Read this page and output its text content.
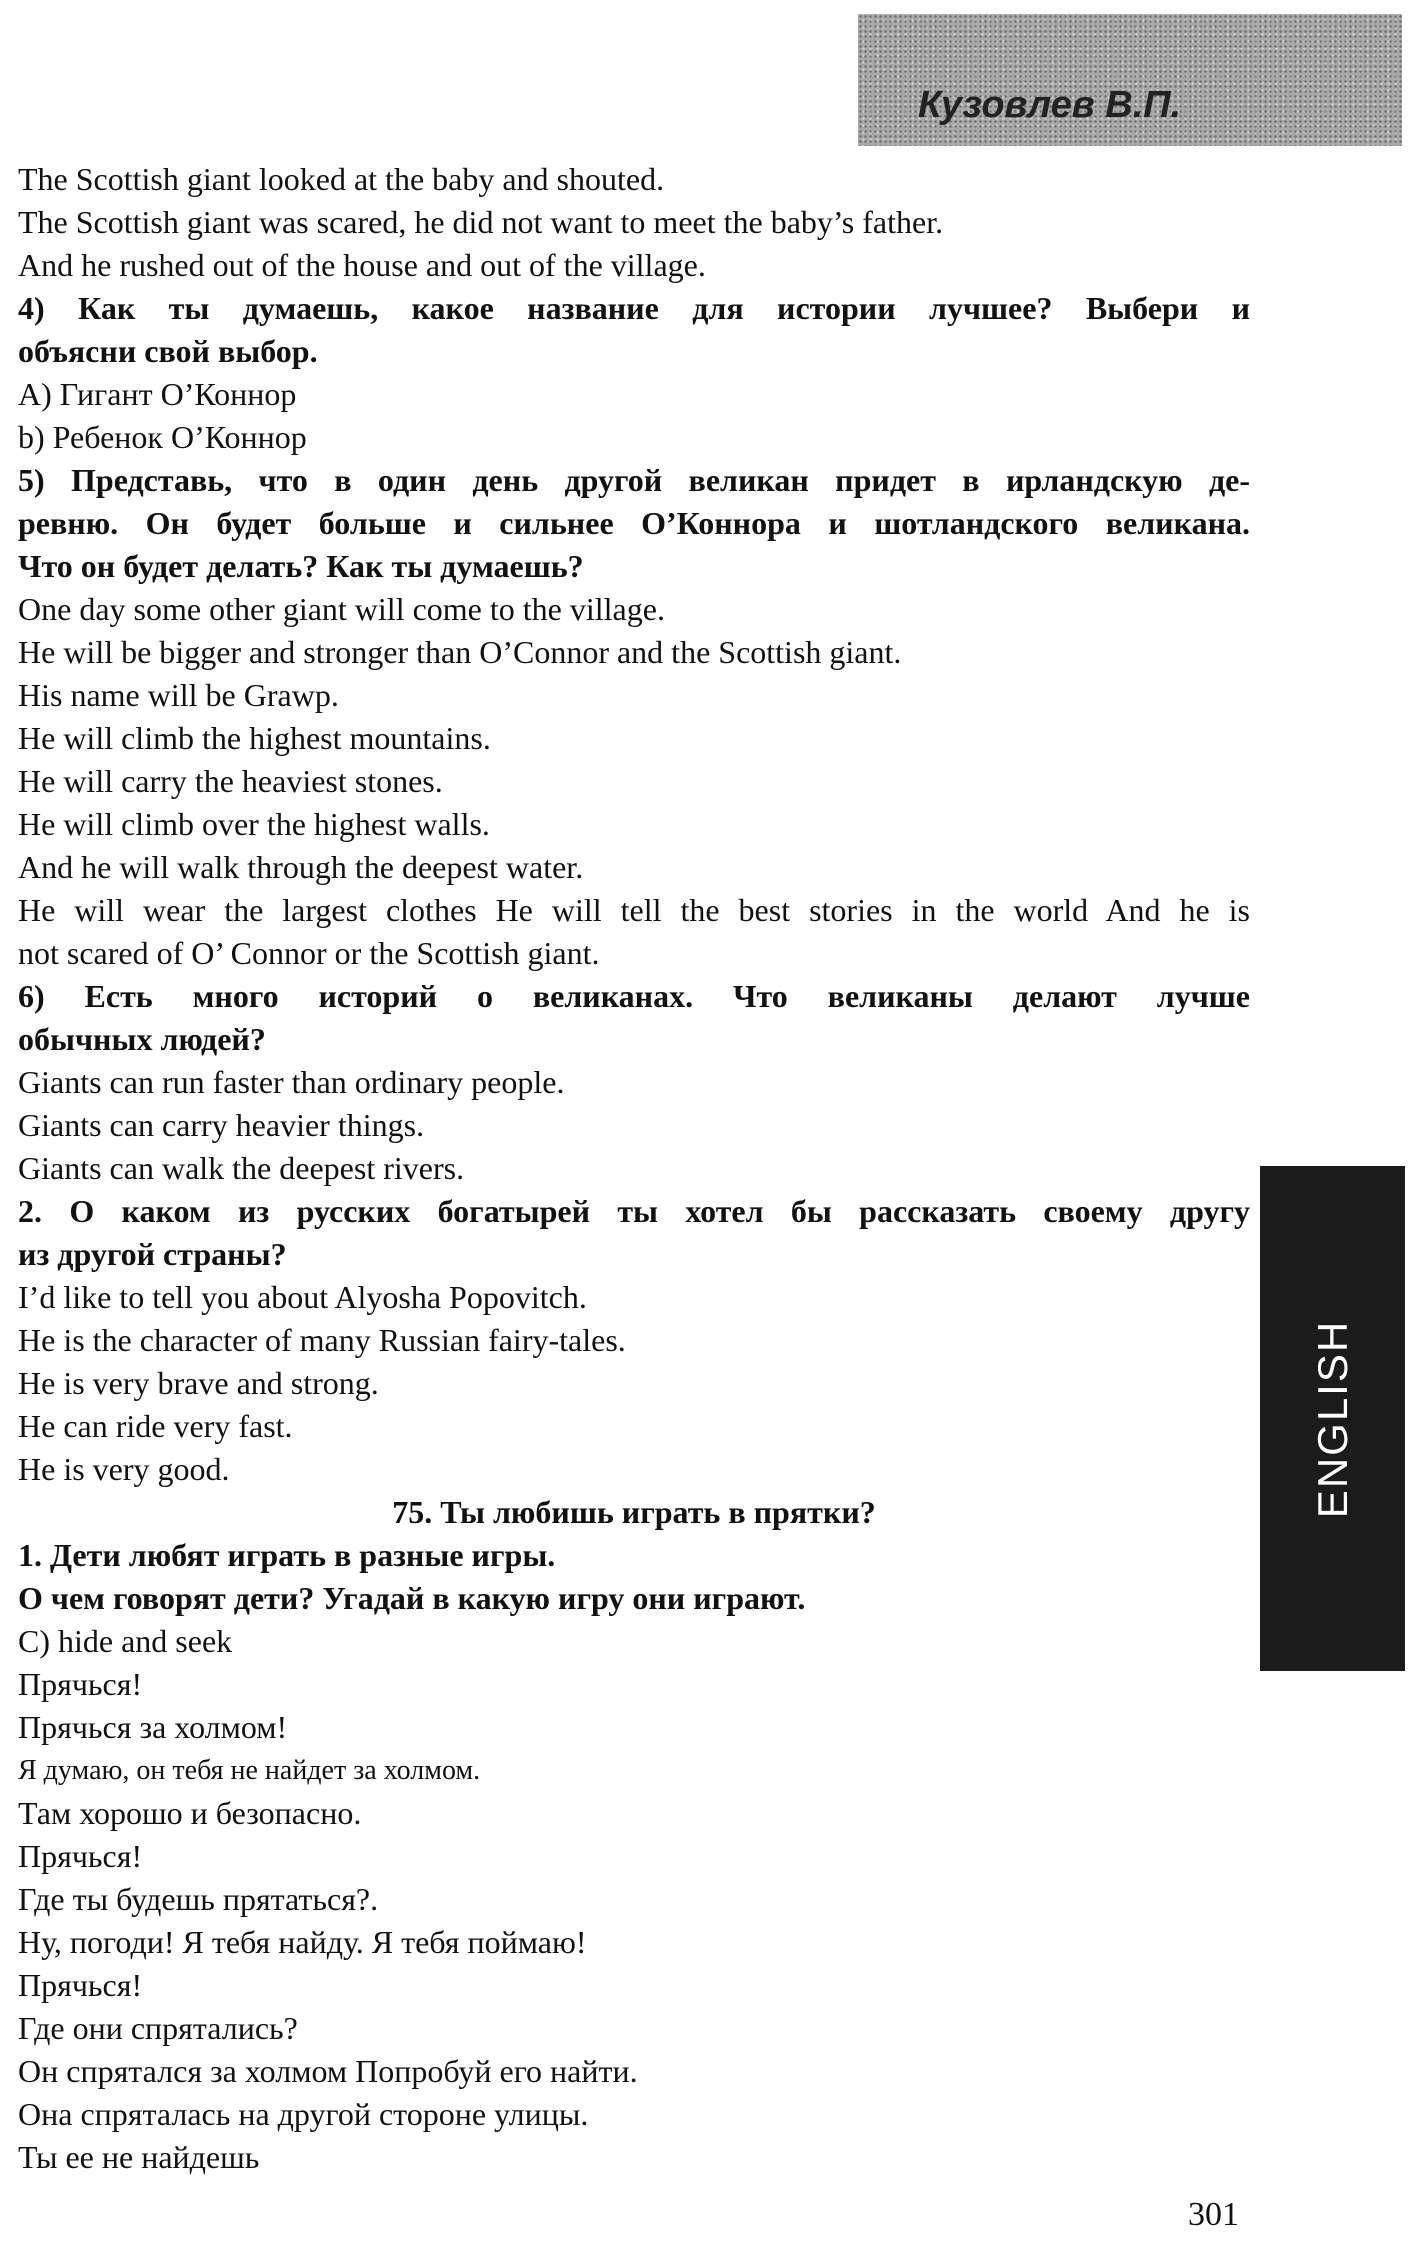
Кузовлев В.П.
The Scottish giant looked at the baby and shouted.
The Scottish giant was scared, he did not want to meet the baby’s father.
And he rushed out of the house and out of the village.
4) Как ты думаешь, какое название для истории лучшее? Выбери и
объясни свой выбор.
A) Гигант O’Коннор
b) Ребенок O’Коннор
5) Представь, что в один день другой великан придет в ирландскую де-
ревню. Он будет больше и сильнее O’Коннора и шотландского великана.
Что он будет делать? Как ты думаешь?
One day some other giant will come to the village.
He will be bigger and stronger than O’Connor and the Scottish giant.
His name will be Grawp.
He will climb the highest mountains.
He will carry the heaviest stones.
He will climb over the highest walls.
And he will walk through the deepest water.
He will wear the largest clothes He will tell the best stories in the world And he is
not scared of O’ Connor or the Scottish giant.
6) Есть много историй о великанах. Что великаны делают лучше
обычных людей?
Giants can run faster than ordinary people.
Giants can carry heavier things.
Giants can walk the deepest rivers.
2. О каком из русских богатырей ты хотел бы рассказать своему другу
из другой страны?
I’d like to tell you about Alyosha Popovitch.
He is the character of many Russian fairy-tales.
He is very brave and strong.
He can ride very fast.
He is very good.
75. Ты любишь играть в прятки?
1. Дети любят играть в разные игры.
О чем говорят дети? Угадай в какую игру они играют.
C) hide and seek
Прячься!
Прячься за холмом!
Я думаю, он тебя не найдет за холмом.
Там хорошо и безопасно.
Прячься!
Где ты будешь прятаться?.
Ну, погоди! Я тебя найду. Я тебя поймаю!
Прячься!
Где они спрятались?
Он спрятался за холмом Попробуй его найти.
Она спряталась на другой стороне улицы.
Ты ее не найдешь
ENGLISH
301
